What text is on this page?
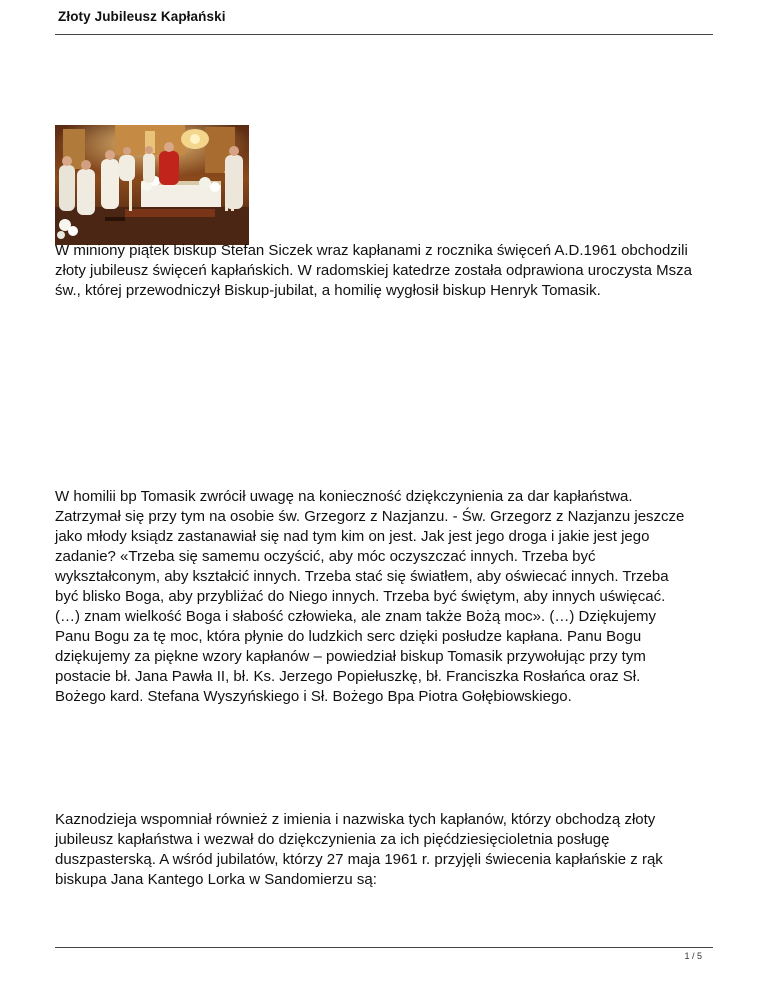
Złoty Jubileusz Kapłański

W miniony piątek biskup Stefan Siczek wraz kapłanami z rocznika święceń A.D.1961 obchodzili
złoty jubileusz święceń kapłańskich. W radomskiej katedrze została odprawiona uroczysta Msza
św., której przewodniczył Biskup-jubilat, a homilię wygłosił biskup Henryk Tomasik.

W homilii bp Tomasik zwrócił uwagę na konieczność dziękczynienia za dar kapłaństwa.
Zatrzymał się przy tym na osobie św. Grzegorz z Nazjanzu. - Św. Grzegorz z Nazjanzu jeszcze
jako młody ksiądz zastanawiał się nad tym kim on jest. Jak jest jego droga i jakie jest jego
zadanie? «Trzeba się samemu oczyścić, aby móc oczyszczać innych. Trzeba być
wykształconym, aby kształcić innych. Trzeba stać się światłem, aby oświecać innych. Trzeba
być blisko Boga, aby przybliżać do Niego innych. Trzeba być świętym, aby innych uświęcać.
(…) znam wielkość Boga i słabość człowieka, ale znam także Bożą moc». (…) Dziękujemy
Panu Bogu za tę moc, która płynie do ludzkich serc dzięki posłudze kapłana. Panu Bogu
dziękujemy za piękne wzory kapłanów – powiedział biskup Tomasik przywołując przy tym
postacie bł. Jana Pawła II, bł. Ks. Jerzego Popiełuszkę, bł. Franciszka Rosłańca oraz Sł.
Bożego kard. Stefana Wyszyńskiego i Sł. Bożego Bpa Piotra Gołębiowskiego.

Kaznodzieja wspomniał również z imienia i nazwiska tych kapłanów, którzy obchodzą złoty
jubileusz kapłaństwa i wezwał do dziękczynienia za ich pięćdziesięcioletnia posługę
duszpasterską. A wśród jubilatów, którzy 27 maja 1961 r. przyjęli świecenia kapłańskie z rąk
biskupa Jana Kantego Lorka w Sandomierzu są:

1 / 5
